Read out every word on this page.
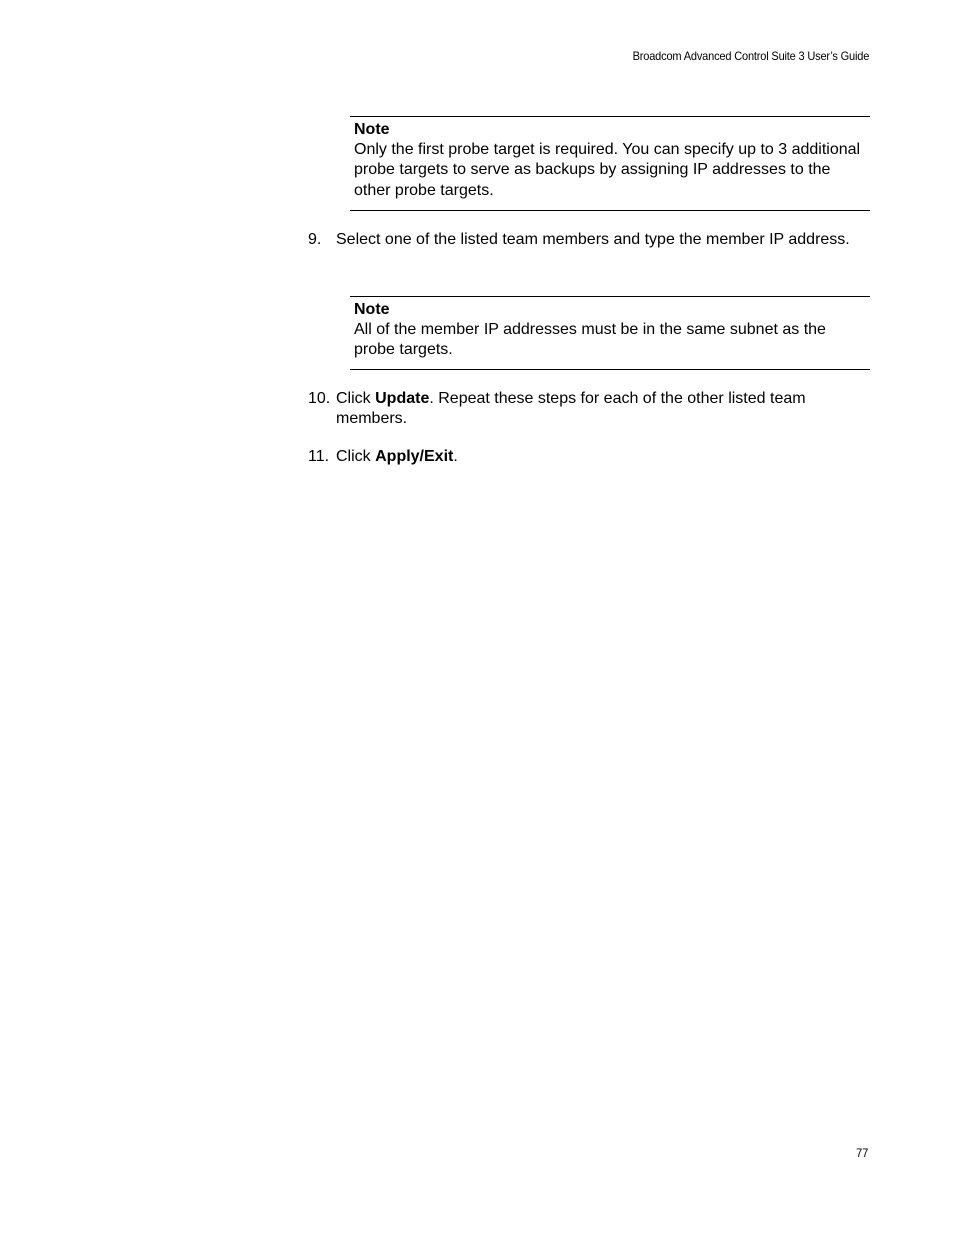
Broadcom Advanced Control Suite 3 User’s Guide
Note
Only the first probe target is required. You can specify up to 3 additional probe targets to serve as backups by assigning IP addresses to the other probe targets.
9. Select one of the listed team members and type the member IP address.
Note
All of the member IP addresses must be in the same subnet as the probe targets.
10. Click Update. Repeat these steps for each of the other listed team members.
11. Click Apply/Exit.
77
